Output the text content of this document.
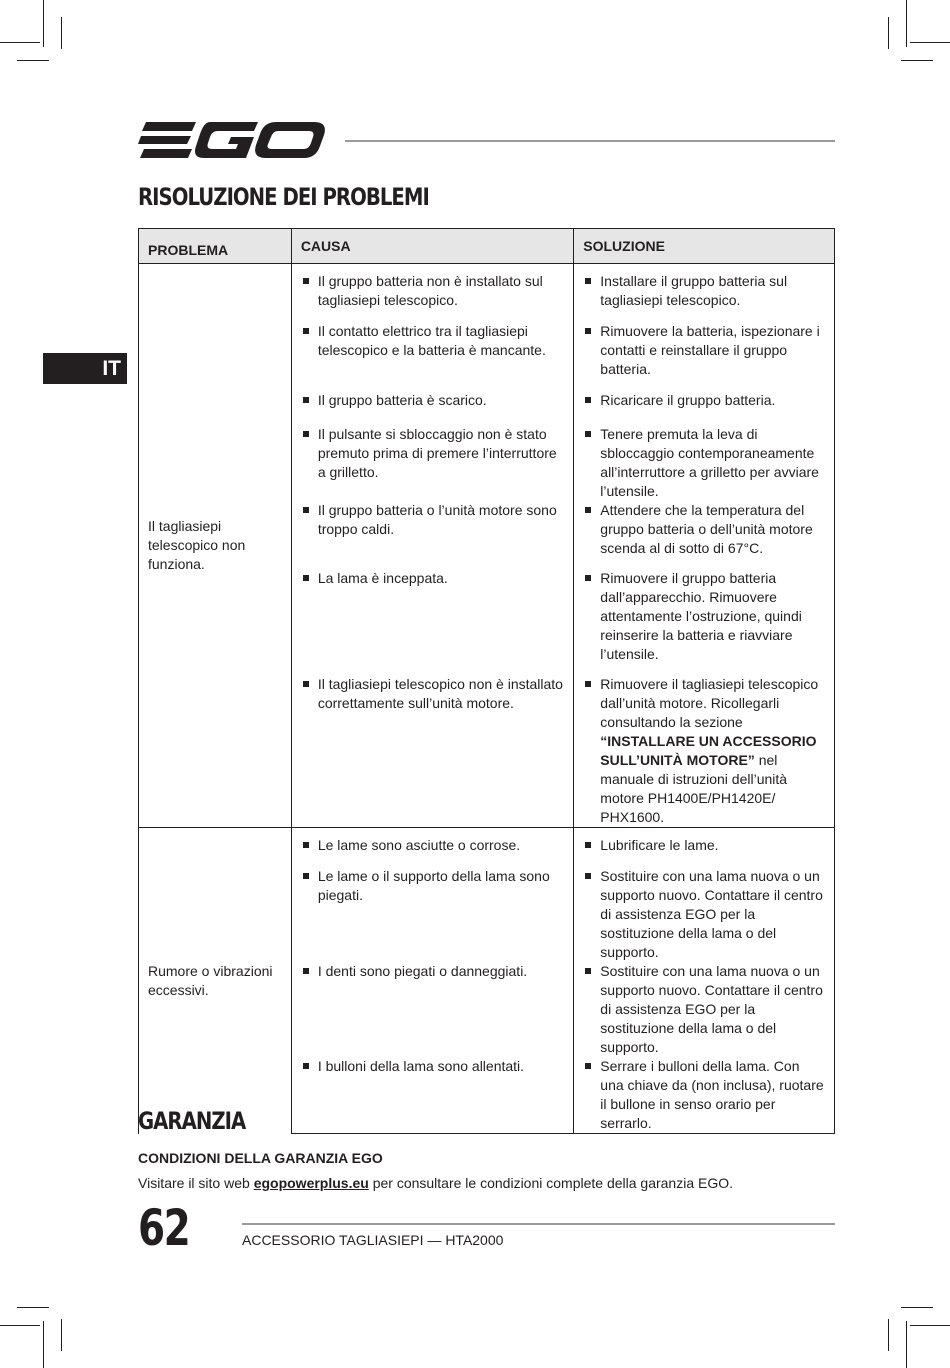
RISOLUZIONE DEI PROBLEMI
IT
PROBLEMA	CAUSA	SOLUZIONE
Il tagliasiepi telescopico non funziona.	Il gruppo batteria non è installato sul tagliasiepi telescopico.	Installare il gruppo batteria sul tagliasiepi telescopico.

	Il contatto elettrico tra il tagliasiepi telescopico e la batteria è mancante.	Rimuovere la batteria, ispezionare i contatti e reinstallare il gruppo batteria.

	Il gruppo batteria è scarico.	Ricaricare il gruppo batteria.

	Il pulsante si sbloccaggio non è stato premuto prima di premere l’interruttore a grilletto.	Tenere premuta la leva di sbloccaggio contemporaneamente all’interruttore a grilletto per avviare l’utensile.

	Il gruppo batteria o l’unità motore sono troppo caldi.	Attendere che la temperatura del gruppo batteria o dell’unità motore scenda al di sotto di 67°C.

	La lama è inceppata.	Rimuovere il gruppo batteria dall’apparecchio. Rimuovere attentamente l’ostruzione, quindi reinserire la batteria e riavviare l’utensile.

	Il tagliasiepi telescopico non è installato correttamente sull’unità motore.	Rimuovere il tagliasiepi telescopico dall’unità motore. Ricollegarli consultando la sezione “INSTALLARE UN ACCESSORIO SULL’UNITÀ MOTORE” nel manuale di istruzioni dell’unità motore PH1400E/PH1420E/ PHX1600.

Rumore o vibrazioni eccessivi.	Le lame sono asciutte o corrose.	Lubrificare le lame.

	Le lame o il supporto della lama sono piegati.	Sostituire con una lama nuova o un supporto nuovo. Contattare il centro di assistenza EGO per la sostituzione della lama o del supporto.

	I denti sono piegati o danneggiati.	Sostituire con una lama nuova o un supporto nuovo. Contattare il centro di assistenza EGO per la sostituzione della lama o del supporto.

	I bulloni della lama sono allentati.	Serrare i bulloni della lama. Con una chiave da (non inclusa), ruotare il bullone in senso orario per serrarlo.
GARANZIA
CONDIZIONI DELLA GARANZIA EGO
Visitare il sito web egopowerplus.eu per consultare le condizioni complete della garanzia EGO.
62	ACCESSORIO TAGLIASIEPI — HTA2000
